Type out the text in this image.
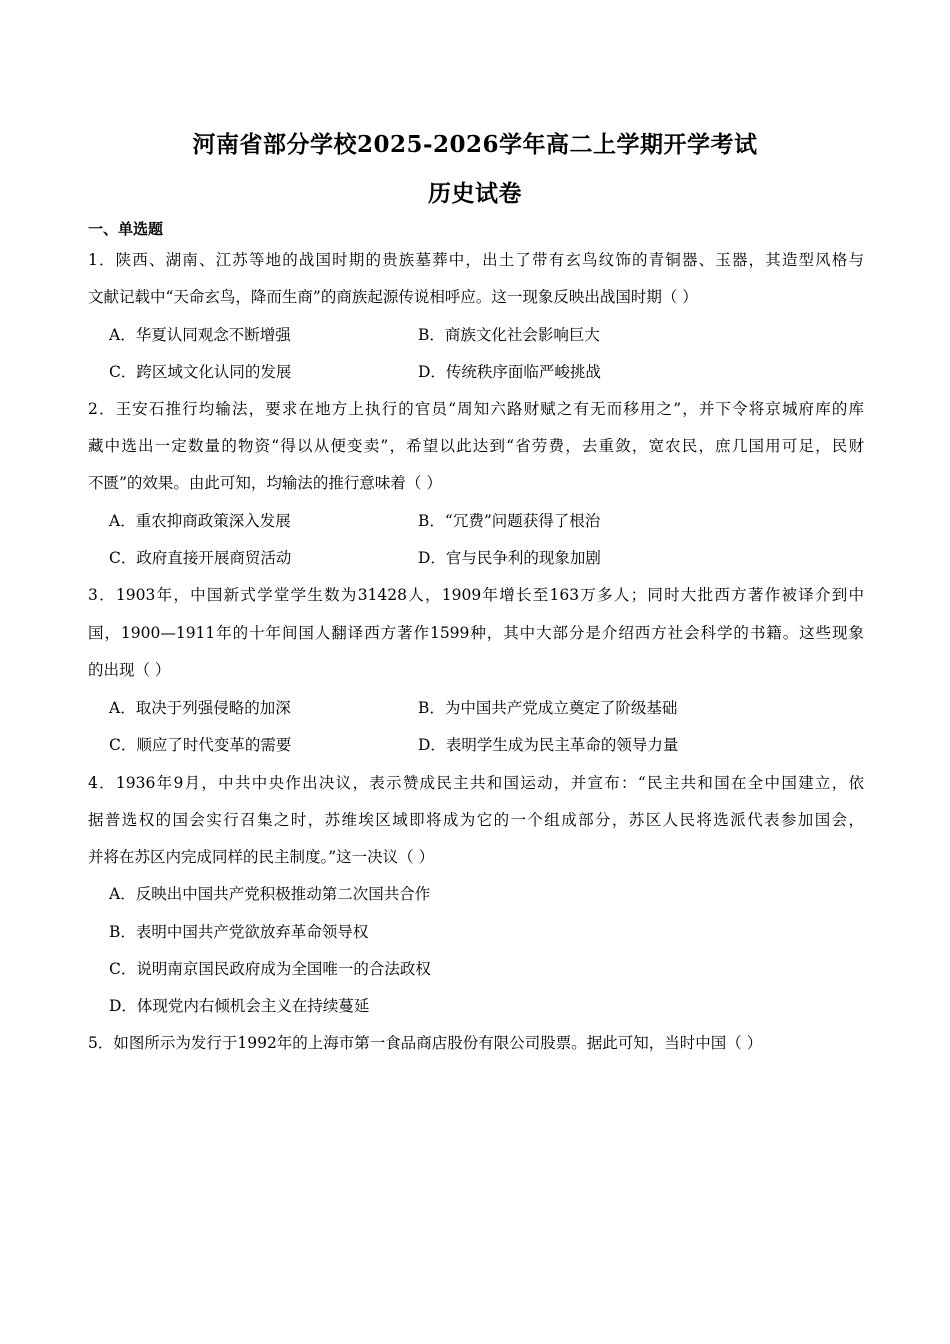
河南省部分学校2025-2026学年高二上学期开学考试
历史试卷

一、单选题

1．陕西、湖南、江苏等地的战国时期的贵族墓葬中，出土了带有玄鸟纹饰的青铜器、玉器，其造型风格与

文献记载中“天命玄鸟，降而生商”的商族起源传说相呼应。这一现象反映出战国时期（ ）

A．华夏认同观念不断增强	B．商族文化社会影响巨大

C．跨区域文化认同的发展	D．传统秩序面临严峻挑战

2．王安石推行均输法，要求在地方上执行的官员“周知六路财赋之有无而移用之”，并下令将京城府库的库

藏中选出一定数量的物资“得以从便变卖”，希望以此达到“省劳费，去重敛，宽农民，庶几国用可足，民财

不匮”的效果。由此可知，均输法的推行意味着（ ）

A．重农抑商政策深入发展	B．“冗费”问题获得了根治

C．政府直接开展商贸活动	D．官与民争利的现象加剧

3．1903年，中国新式学堂学生数为31428人，1909年增长至163万多人；同时大批西方著作被译介到中

国，1900—1911年的十年间国人翻译西方著作1599种，其中大部分是介绍西方社会科学的书籍。这些现象

的出现（ ）

A．取决于列强侵略的加深	B．为中国共产党成立奠定了阶级基础

C．顺应了时代变革的需要	D．表明学生成为民主革命的领导力量

4．1936年9月，中共中央作出决议，表示赞成民主共和国运动，并宣布：“民主共和国在全中国建立，依

据普选权的国会实行召集之时，苏维埃区域即将成为它的一个组成部分，苏区人民将选派代表参加国会，

并将在苏区内完成同样的民主制度。”这一决议（ ）

A．反映出中国共产党积极推动第二次国共合作

B．表明中国共产党欲放弃革命领导权

C．说明南京国民政府成为全国唯一的合法政权

D．体现党内右倾机会主义在持续蔓延

5．如图所示为发行于1992年的上海市第一食品商店股份有限公司股票。据此可知，当时中国（ ）
